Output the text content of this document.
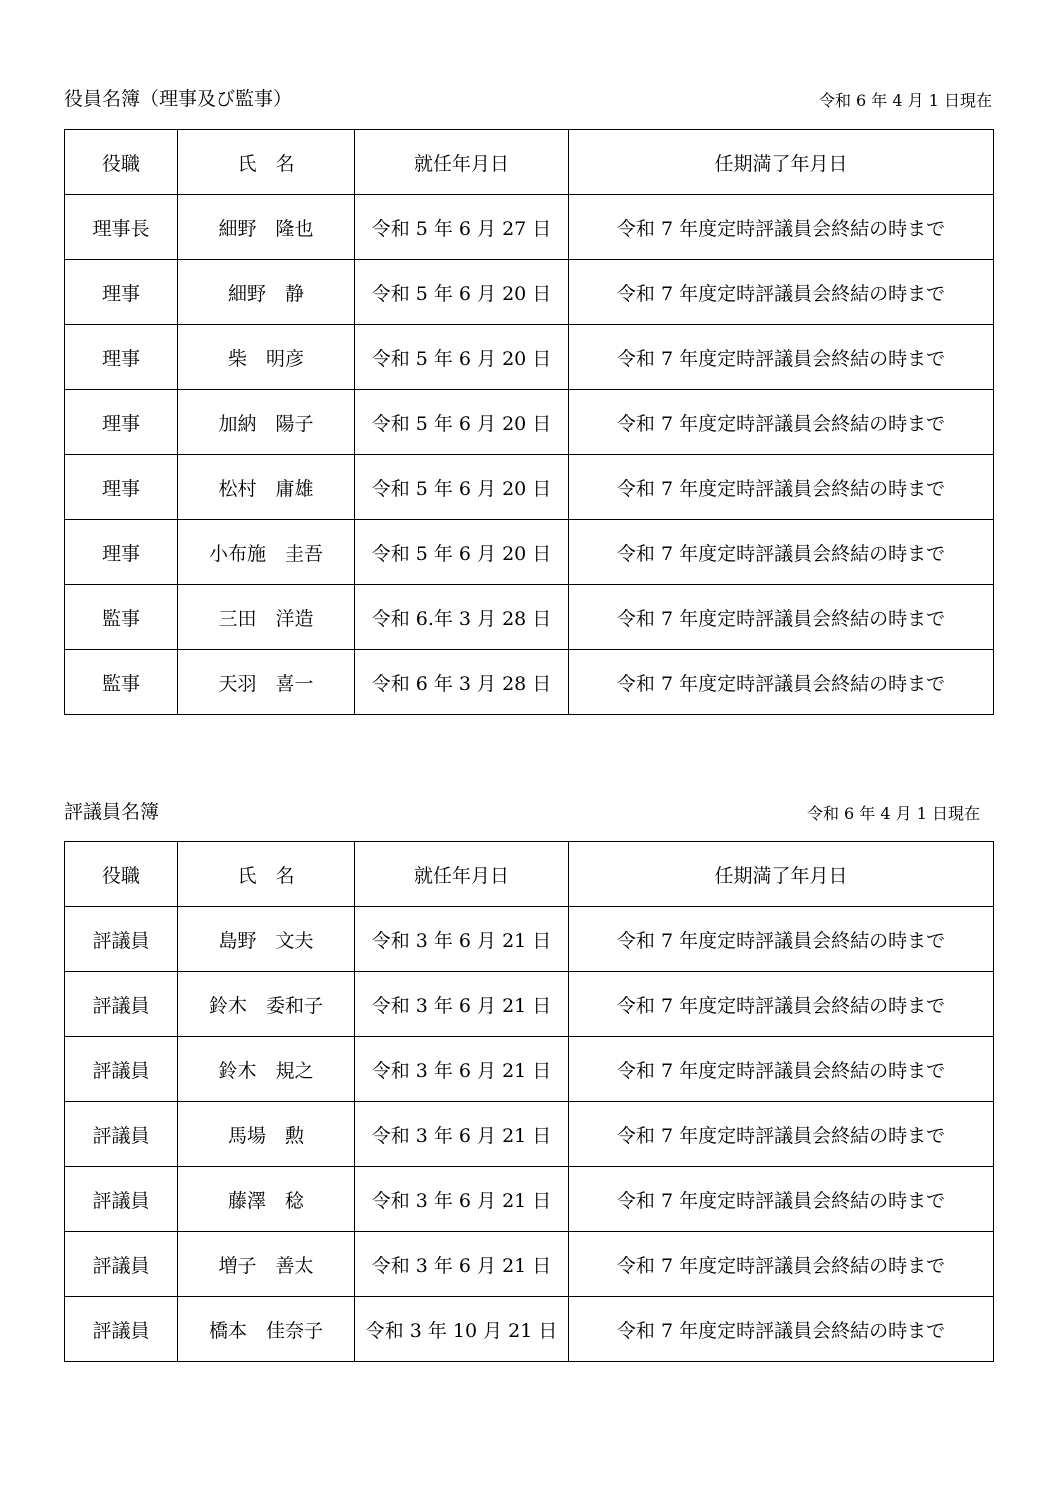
役員名簿（理事及び監事）	令和 6 年 4 月 1 日現在
役職	氏　名	就任年月日	任期満了年月日
理事長	細野　隆也	令和 5 年 6 月 27 日	令和 7 年度定時評議員会終結の時まで
理事	細野　静	令和 5 年 6 月 20 日	令和 7 年度定時評議員会終結の時まで
理事	柴　明彦	令和 5 年 6 月 20 日	令和 7 年度定時評議員会終結の時まで
理事	加納　陽子	令和 5 年 6 月 20 日	令和 7 年度定時評議員会終結の時まで
理事	松村　庸雄	令和 5 年 6 月 20 日	令和 7 年度定時評議員会終結の時まで
理事	小布施　圭吾	令和 5 年 6 月 20 日	令和 7 年度定時評議員会終結の時まで
監事	三田　洋造	令和 6.年 3 月 28 日	令和 7 年度定時評議員会終結の時まで
監事	天羽　喜一	令和 6 年 3 月 28 日	令和 7 年度定時評議員会終結の時まで
評議員名簿	令和 6 年 4 月 1 日現在
役職	氏　名	就任年月日	任期満了年月日
評議員	島野　文夫	令和 3 年 6 月 21 日	令和 7 年度定時評議員会終結の時まで
評議員	鈴木　委和子	令和 3 年 6 月 21 日	令和 7 年度定時評議員会終結の時まで
評議員	鈴木　規之	令和 3 年 6 月 21 日	令和 7 年度定時評議員会終結の時まで
評議員	馬場　勲	令和 3 年 6 月 21 日	令和 7 年度定時評議員会終結の時まで
評議員	藤澤　稔	令和 3 年 6 月 21 日	令和 7 年度定時評議員会終結の時まで
評議員	増子　善太	令和 3 年 6 月 21 日	令和 7 年度定時評議員会終結の時まで
評議員	橋本　佳奈子	令和 3 年 10 月 21 日	令和 7 年度定時評議員会終結の時まで
